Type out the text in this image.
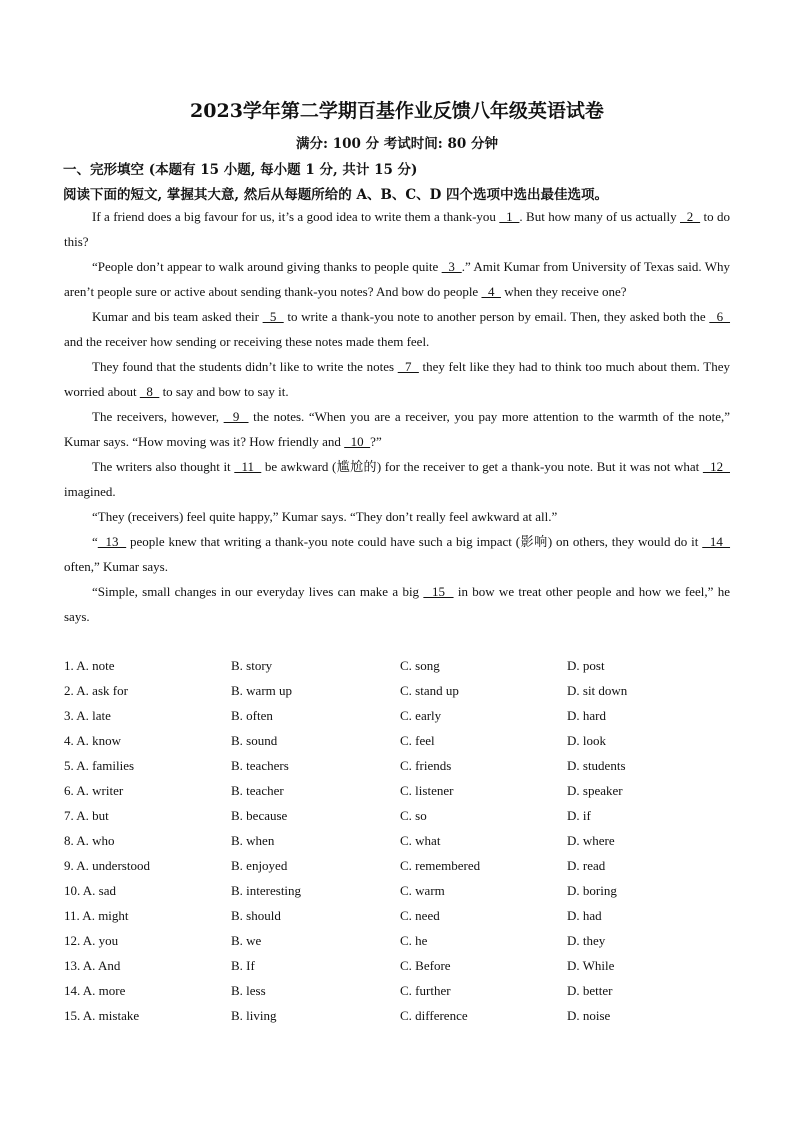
2023学年第二学期百基作业反馈八年级英语试卷
满分: 100 分 考试时间: 80 分钟
一、完形填空 (本题有 15 小题, 每小题 1 分, 共计 15 分)
阅读下面的短文, 掌握其大意, 然后从每题所给的 A、B、C、D 四个选项中选出最佳选项。

If a friend does a big favour for us, it’s a good idea to write them a thank-you   1  . But how many of us actually   2   to do this?

“People don’t appear to walk around giving thanks to people quite   3  .” Amit Kumar from University of Texas said. Why aren’t people sure or active about sending thank-you notes? And bow do people   4   when they receive one?

Kumar and bis team asked their   5   to write a thank-you note to another person by email. Then, they asked both the   6   and the receiver how sending or receiving these notes made them feel.

They found that the students didn’t like to write the notes   7   they felt like they had to think too much about them. They worried about   8   to say and bow to say it.

The receivers, however,   9   the notes. “When you are a receiver, you pay more attention to the warmth of the note,” Kumar says. “How moving was it? How friendly and   10  ?”

The writers also thought it   11   be awkward (尴尬的) for the receiver to get a thank-you note. But it was not what   12   imagined.

“They (receivers) feel quite happy,” Kumar says. “They don’t really feel awkward at all.”

“  13   people knew that writing a thank-you note could have such a big impact (影响) on others, they would do it   14   often,” Kumar says.

“Simple, small changes in our everyday lives can make a big   15   in bow we treat other people and how we feel,” he says.

1. A. note	B. story	C. song	D. post
2. A. ask for	B. warm up	C. stand up	D. sit down
3. A. late	B. often	C. early	D. hard
4. A. know	B. sound	C. feel	D. look
5. A. families	B. teachers	C. friends	D. students
6. A. writer	B. teacher	C. listener	D. speaker
7. A. but	B. because	C. so	D. if
8. A. who	B. when	C. what	D. where
9. A. understood	B. enjoyed	C. remembered	D. read
10. A. sad	B. interesting	C. warm	D. boring
11. A. might	B. should	C. need	D. had
12. A. you	B. we	C. he	D. they
13. A. And	B. If	C. Before	D. While
14. A. more	B. less	C. further	D. better
15. A. mistake	B. living	C. difference	D. noise
